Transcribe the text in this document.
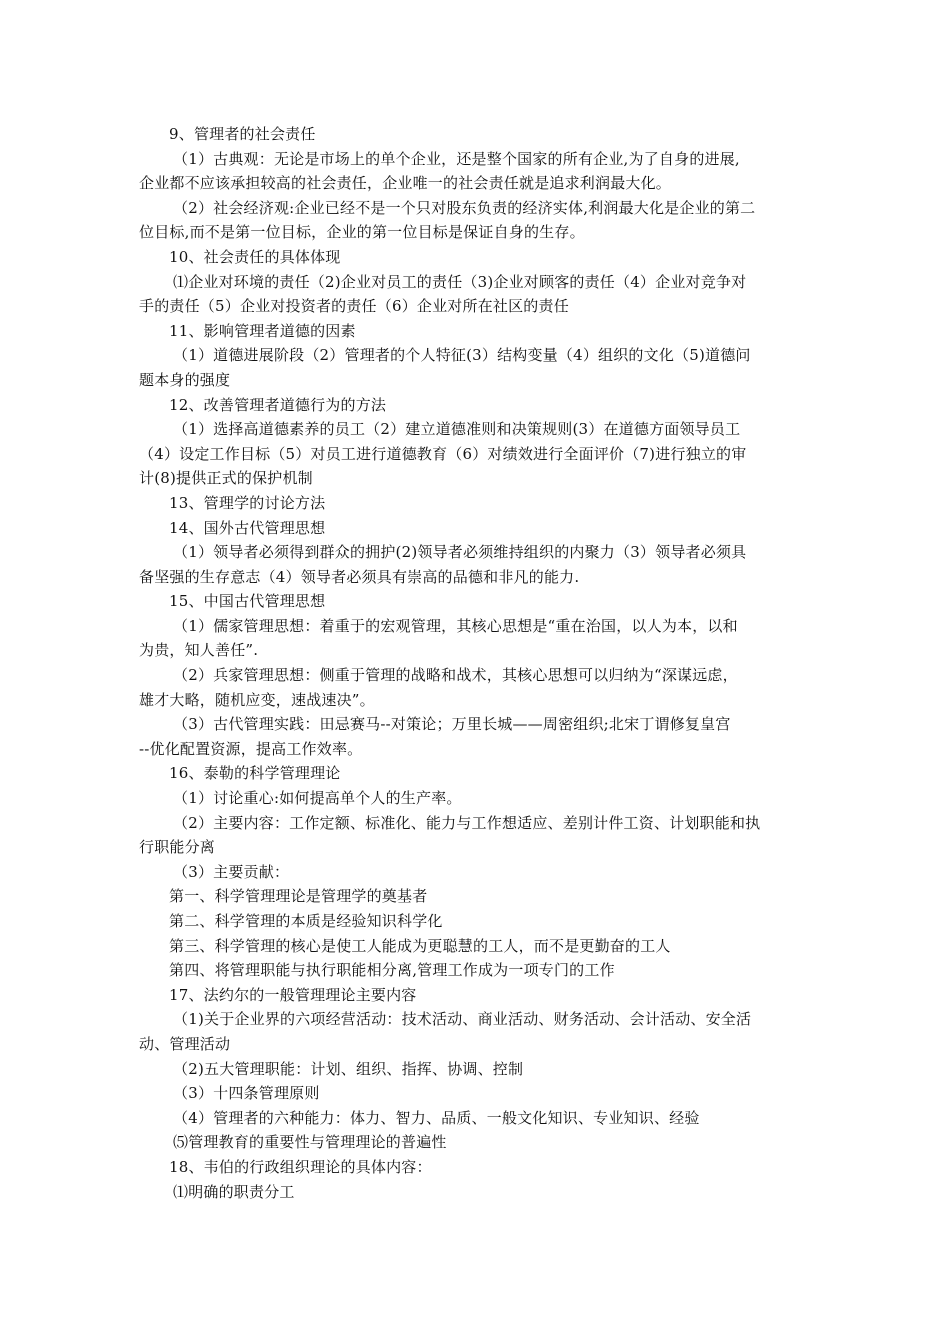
9、管理者的社会责任
（1）古典观：无论是市场上的单个企业，还是整个国家的所有企业,为了自身的进展,
企业都不应该承担较高的社会责任，企业唯一的社会责任就是追求利润最大化。
（2）社会经济观:企业已经不是一个只对股东负责的经济实体,利润最大化是企业的第二
位目标,而不是第一位目标，企业的第一位目标是保证自身的生存。
10、社会责任的具体体现
⑴企业对环境的责任（2)企业对员工的责任（3)企业对顾客的责任（4）企业对竞争对
手的责任（5）企业对投资者的责任（6）企业对所在社区的责任
11、影响管理者道德的因素
（1）道德进展阶段（2）管理者的个人特征(3）结构变量（4）组织的文化（5)道德问
题本身的强度
12、改善管理者道德行为的方法
（1）选择高道德素养的员工（2）建立道德准则和决策规则(3）在道德方面领导员工
（4）设定工作目标（5）对员工进行道德教育（6）对绩效进行全面评价（7)进行独立的审
计(8)提供正式的保护机制
13、管理学的讨论方法
14、国外古代管理思想
（1）领导者必须得到群众的拥护(2)领导者必须维持组织的内聚力（3）领导者必须具
备坚强的生存意志（4）领导者必须具有崇高的品德和非凡的能力.
15、中国古代管理思想
（1）儒家管理思想：着重于的宏观管理，其核心思想是“重在治国，以人为本，以和
为贵，知人善任”.
（2）兵家管理思想：侧重于管理的战略和战术，其核心思想可以归纳为“深谋远虑，
雄才大略，随机应变，速战速决”。
（3）古代管理实践：田忌赛马--对策论；万里长城——周密组织;北宋丁谓修复皇宫
--优化配置资源，提高工作效率。
16、泰勒的科学管理理论
（1）讨论重心:如何提高单个人的生产率。
（2）主要内容：工作定额、标准化、能力与工作想适应、差别计件工资、计划职能和执
行职能分离
（3）主要贡献：
第一、科学管理理论是管理学的奠基者
第二、科学管理的本质是经验知识科学化
第三、科学管理的核心是使工人能成为更聪慧的工人，而不是更勤奋的工人
第四、将管理职能与执行职能相分离,管理工作成为一项专门的工作
17、法约尔的一般管理理论主要内容
（1)关于企业界的六项经营活动：技术活动、商业活动、财务活动、会计活动、安全活
动、管理活动
（2)五大管理职能：计划、组织、指挥、协调、控制
（3）十四条管理原则
（4）管理者的六种能力：体力、智力、品质、一般文化知识、专业知识、经验
⑸管理教育的重要性与管理理论的普遍性
18、韦伯的行政组织理论的具体内容：
⑴明确的职责分工
